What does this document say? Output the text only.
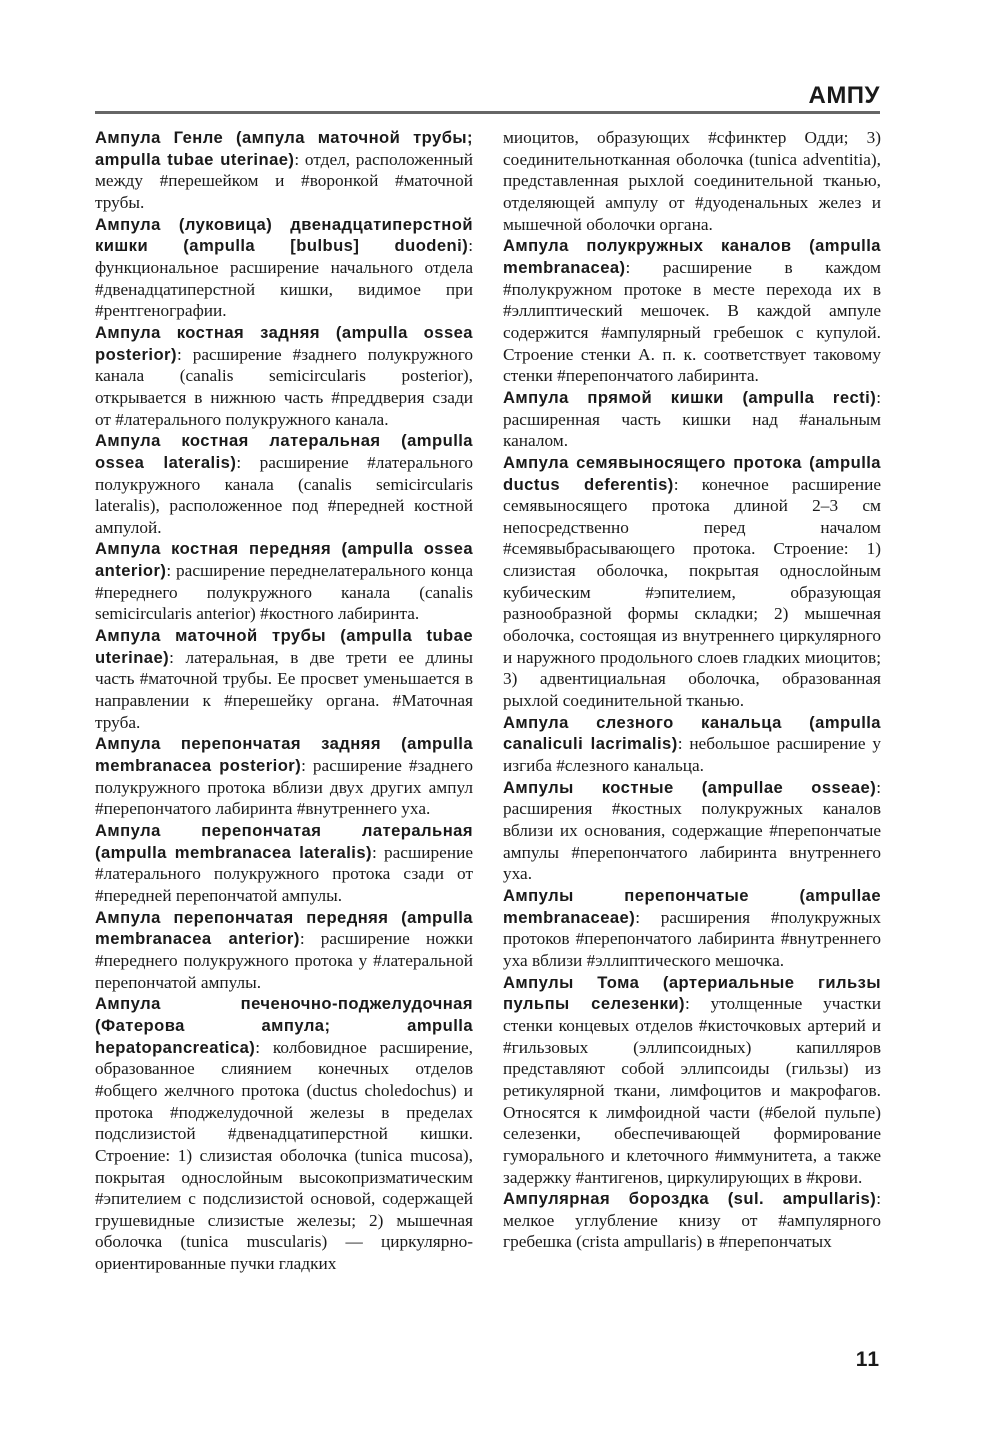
АМПУ

Ампула Генле (ампула маточной трубы; ampulla tubae uterinae): отдел, расположенный между #перешейком и #воронкой #маточной трубы.

Ампула (луковица) двенадцатиперстной кишки (ampulla [bulbus] duodeni): функциональное расширение начального отдела #двенадцатиперстной кишки, видимое при #рентгенографии.

Ампула костная задняя (ampulla ossea posterior): расширение #заднего полукружного канала (canalis semicircularis posterior), открывается в нижнюю часть #преддверия сзади от #латерального полукружного канала.

Ампула костная латеральная (ampulla ossea lateralis): расширение #латерального полукружного канала (canalis semicircularis lateralis), расположенное под #передней костной ампулой.

Ампула костная передняя (ampulla ossea anterior): расширение переднелатерального конца #переднего полукружного канала (canalis semicircularis anterior) #костного лабиринта.

Ампула маточной трубы (ampulla tubae uterinae): латеральная, в две трети ее длины часть #маточной трубы. Ее просвет уменьшается в направлении к #перешейку органа. #Маточная труба.

Ампула перепончатая задняя (ampulla membranacea posterior): расширение #заднего полукружного протока вблизи двух других ампул #перепончатого лабиринта #внутреннего уха.

Ампула перепончатая латеральная (ampulla membranacea lateralis): расширение #латерального полукружного протока сзади от #передней перепончатой ампулы.

Ампула перепончатая передняя (ampulla membranacea anterior): расширение ножки #переднего полукружного протока у #латеральной перепончатой ампулы.

Ампула печеночно-поджелудочная (Фатерова ампула; ampulla hepatopancreatica): колбовидное расширение, образованное слиянием конечных отделов #общего желчного протока (ductus choledochus) и протока #поджелудочной железы в пределах подслизистой #двенадцатиперстной кишки. Строение: 1) слизистая оболочка (tunica mucosa), покрытая однослойным высокопризматическим #эпителием с подслизистой основой, содержащей грушевидные слизистые железы; 2) мышечная оболочка (tunica muscularis) — циркулярно-ориентированные пучки гладких

миоцитов, образующих #сфинктер Одди; 3) соединительнотканная оболочка (tunica adventitia), представленная рыхлой соединительной тканью, отделяющей ампулу от #дуоденальных желез и мышечной оболочки органа.

Ампула полукружных каналов (ampulla membranacea): расширение в каждом #полукружном протоке в месте перехода их в #эллиптический мешочек. В каждой ампуле содержится #ампулярный гребешок с купулой. Строение стенки А. п. к. соответствует таковому стенки #перепончатого лабиринта.

Ампула прямой кишки (ampulla recti): расширенная часть кишки над #анальным каналом.

Ампула семявыносящего протока (ampulla ductus deferentis): конечное расширение семявыносящего протока длиной 2–3 см непосредственно перед началом #семявыбрасывающего протока. Строение: 1) слизистая оболочка, покрытая однослойным кубическим #эпителием, образующая разнообразной формы складки; 2) мышечная оболочка, состоящая из внутреннего циркулярного и наружного продольного слоев гладких миоцитов; 3) адвентициальная оболочка, образованная рыхлой соединительной тканью.

Ампула слезного канальца (ampulla canaliculi lacrimalis): небольшое расширение у изгиба #слезного канальца.

Ампулы костные (ampullae osseae): расширения #костных полукружных каналов вблизи их основания, содержащие #перепончатые ампулы #перепончатого лабиринта внутреннего уха.

Ампулы перепончатые (ampullae membranaceae): расширения #полукружных протоков #перепончатого лабиринта #внутреннего уха вблизи #эллиптического мешочка.

Ампулы Тома (артериальные гильзы пульпы селезенки): утолщенные участки стенки концевых отделов #кисточковых артерий и #гильзовых (эллипсоидных) капилляров представляют собой эллипсоиды (гильзы) из ретикулярной ткани, лимфоцитов и макрофагов. Относятся к лимфоидной части (#белой пульпе) селезенки, обеспечивающей формирование гуморального и клеточного #иммунитета, а также задержку #антигенов, циркулирующих в #крови.

Ампулярная бороздка (sul. ampullaris): мелкое углубление книзу от #ампулярного гребешка (crista ampullaris) в #перепончатых

11
